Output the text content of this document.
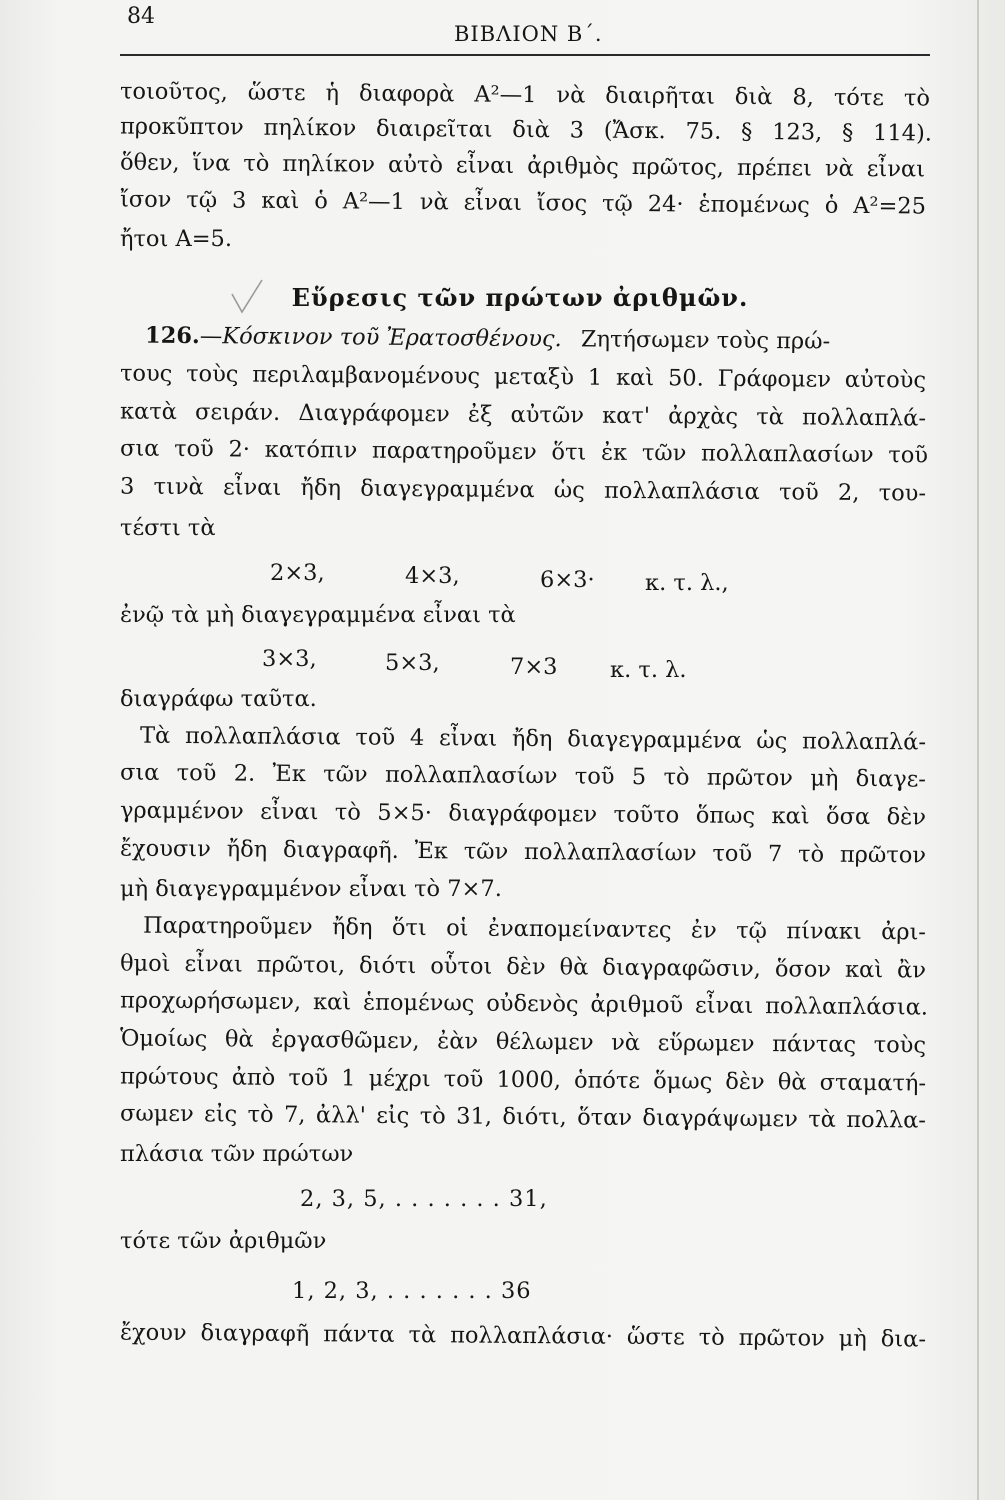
84
ΒΙΒΛΙΟΝ Β΄.
τοιοῦτος, ὥστε ἡ διαφορὰ Α²—1 νὰ διαιρῆται διὰ 8, τότε τὸ
προκῦπτον πηλίκον διαιρεῖται διὰ 3 (Ἄσκ. 75. § 123, § 114).
ὅθεν, ἵνα τὸ πηλίκον αὐτὸ εἶναι ἀριθμὸς πρῶτος, πρέπει νὰ εἶναι
ἴσον τῷ 3 καὶ ὁ Α²—1 νὰ εἶναι ἴσος τῷ 24· ἑπομένως ὁ Α²=25
ἤτοι Α=5.
Εὕρεσις τῶν πρώτων ἀριθμῶν.
126.—Κόσκινον τοῦ Ἐρατοσθένους. Ζητήσωμεν τοὺς πρώ-
τους τοὺς περιλαμβανομένους μεταξὺ 1 καὶ 50. Γράφομεν αὐτοὺς
κατὰ σειράν. Διαγράφομεν ἐξ αὐτῶν κατ' ἀρχὰς τὰ πολλαπλά-
σια τοῦ 2· κατόπιν παρατηροῦμεν ὅτι ἐκ τῶν πολλαπλασίων τοῦ
3 τινὰ εἶναι ἤδη διαγεγραμμένα ὡς πολλαπλάσια τοῦ 2, του-
τέστι τὰ
2×3,	4×3,	6×3· κ. τ. λ.,
ἐνῷ τὰ μὴ διαγεγραμμένα εἶναι τὰ
3×3,	5×3,	7×3 κ. τ. λ.
διαγράφω ταῦτα.
Τὰ πολλαπλάσια τοῦ 4 εἶναι ἤδη διαγεγραμμένα ὡς πολλαπλά-
σια τοῦ 2. Ἐκ τῶν πολλαπλασίων τοῦ 5 τὸ πρῶτον μὴ διαγε-
γραμμένον εἶναι τὸ 5×5· διαγράφομεν τοῦτο ὅπως καὶ ὅσα δὲν
ἔχουσιν ἤδη διαγραφῆ. Ἐκ τῶν πολλαπλασίων τοῦ 7 τὸ πρῶτον
μὴ διαγεγραμμένον εἶναι τὸ 7×7.
Παρατηροῦμεν ἤδη ὅτι οἱ ἐναπομείναντες ἐν τῷ πίνακι ἀρι-
θμοὶ εἶναι πρῶτοι, διότι οὗτοι δὲν θὰ διαγραφῶσιν, ὅσον καὶ ἂν
προχωρήσωμεν, καὶ ἑπομένως οὐδενὸς ἀριθμοῦ εἶναι πολλαπλάσια.
Ὁμοίως θὰ ἐργασθῶμεν, ἐὰν θέλωμεν νὰ εὕρωμεν πάντας τοὺς
πρώτους ἀπὸ τοῦ 1 μέχρι τοῦ 1000, ὁπότε ὅμως δὲν θὰ σταματή-
σωμεν εἰς τὸ 7, ἀλλ' εἰς τὸ 31, διότι, ὅταν διαγράψωμεν τὰ πολλα-
πλάσια τῶν πρώτων
2, 3, 5, . . . . . . . 31,
τότε τῶν ἀριθμῶν
1, 2, 3, . . . . . . . 36
ἔχουν διαγραφῆ πάντα τὰ πολλαπλάσια· ὥστε τὸ πρῶτον μὴ δια-
